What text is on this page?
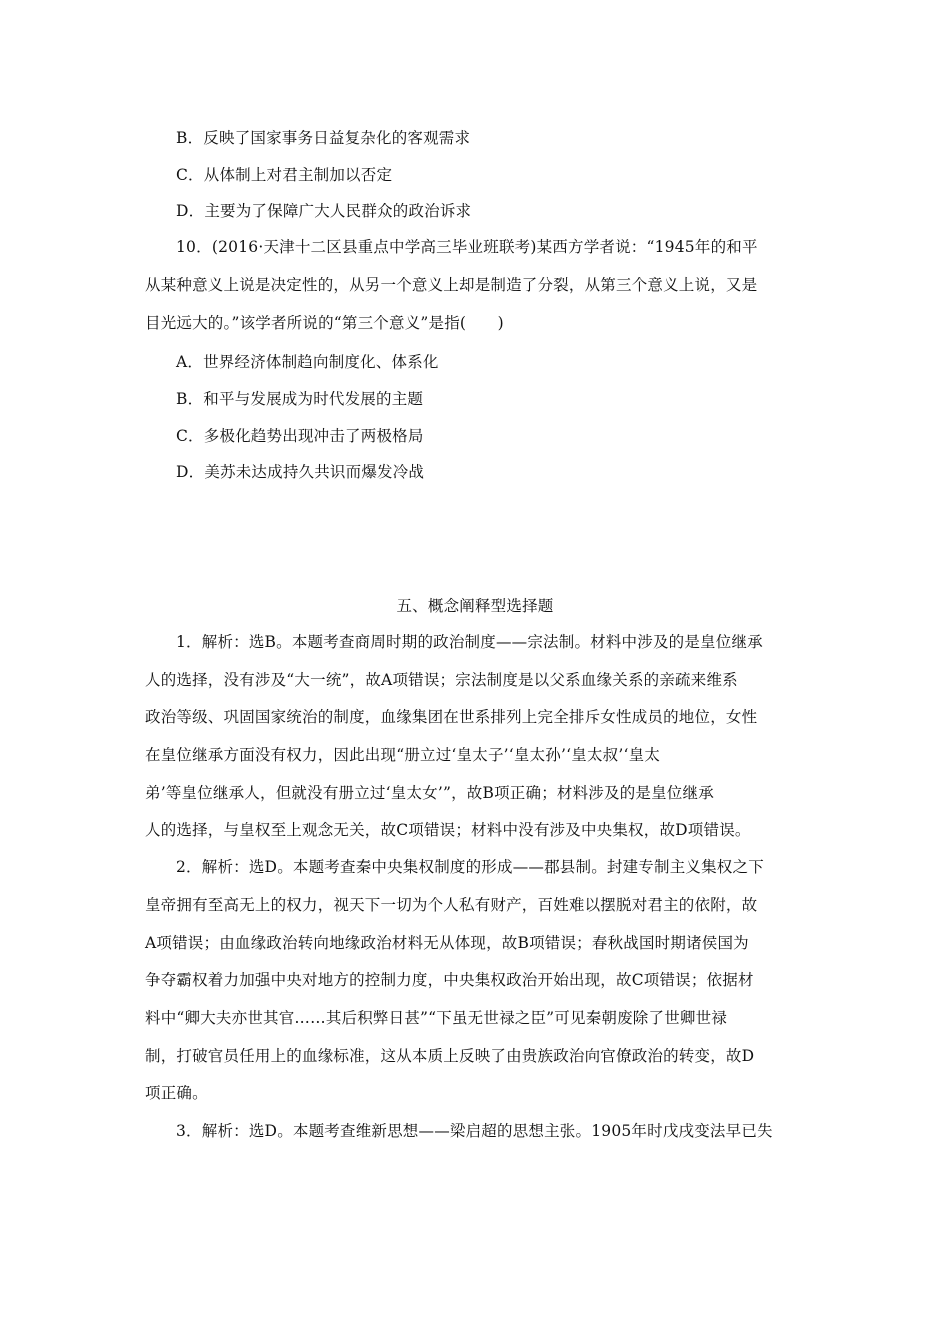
B．反映了国家事务日益复杂化的客观需求
C．从体制上对君主制加以否定
D．主要为了保障广大人民群众的政治诉求
10．(2016·天津十二区县重点中学高三毕业班联考)某西方学者说：“1945年的和平
从某种意义上说是决定性的，从另一个意义上却是制造了分裂，从第三个意义上说，又是
目光远大的。”该学者所说的“第三个意义”是指(　　)
A．世界经济体制趋向制度化、体系化
B．和平与发展成为时代发展的主题
C．多极化趋势出现冲击了两极格局
D．美苏未达成持久共识而爆发冷战
五、概念阐释型选择题
1．解析：选B。本题考查商周时期的政治制度——宗法制。材料中涉及的是皇位继承
人的选择，没有涉及“大一统”，故A项错误；宗法制度是以父系血缘关系的亲疏来维系
政治等级、巩固国家统治的制度，血缘集团在世系排列上完全排斥女性成员的地位，女性
在皇位继承方面没有权力，因此出现“册立过‘皇太子’‘皇太孙’‘皇太叔’‘皇太
弟’等皇位继承人，但就没有册立过‘皇太女’”，故B项正确；材料涉及的是皇位继承
人的选择，与皇权至上观念无关，故C项错误；材料中没有涉及中央集权，故D项错误。
2．解析：选D。本题考查秦中央集权制度的形成——郡县制。封建专制主义集权之下
皇帝拥有至高无上的权力，视天下一切为个人私有财产，百姓难以摆脱对君主的依附，故
A项错误；由血缘政治转向地缘政治材料无从体现，故B项错误；春秋战国时期诸侯国为
争夺霸权着力加强中央对地方的控制力度，中央集权政治开始出现，故C项错误；依据材
料中“卿大夫亦世其官……其后积弊日甚”“下虽无世禄之臣”可见秦朝废除了世卿世禄
制，打破官员任用上的血缘标准，这从本质上反映了由贵族政治向官僚政治的转变，故D
项正确。
3．解析：选D。本题考查维新思想——梁启超的思想主张。1905年时戊戌变法早已失
